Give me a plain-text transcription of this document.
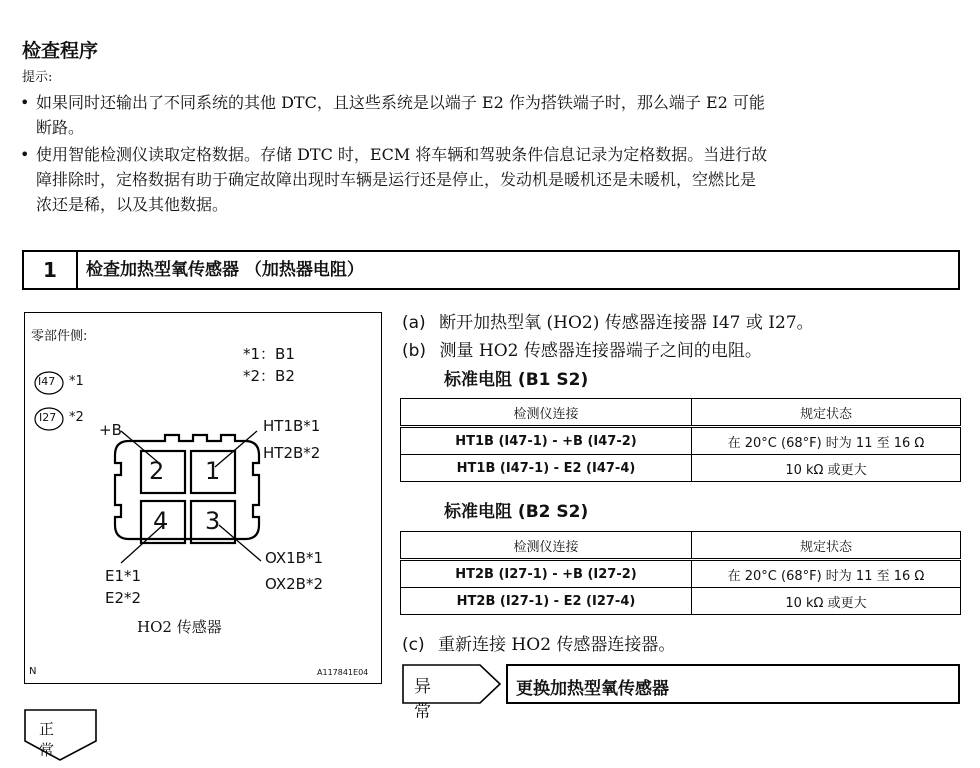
检查程序
提示:
• 如果同时还输出了不同系统的其他 DTC，且这些系统是以端子 E2 作为搭铁端子时，那么端子 E2 可能
断路。
• 使用智能检测仪读取定格数据。存储 DTC 时，ECM 将车辆和驾驶条件信息记录为定格数据。当进行故
障排除时，定格数据有助于确定故障出现时车辆是运行还是停止，发动机是暖机还是未暖机，空燃比是
浓还是稀，以及其他数据。
1	检查加热型氧传感器 （加热器电阻）
零部件侧:
*1：B1
*2：B2
I47 *1
I27 *2
+B	HT1B*1
HT2B*2
2 1
4 3
E1*1
E2*2
OX1B*1
OX2B*2
HO2 传感器
N	A117841E04
(a) 断开加热型氧 (HO2) 传感器连接器 I47 或 I27。
(b) 测量 HO2 传感器连接器端子之间的电阻。
标准电阻 (B1 S2)
检测仪连接	规定状态
HT1B (I47-1) - +B (I47-2)	在 20°C (68°F) 时为 11 至 16 Ω
HT1B (I47-1) - E2 (I47-4)	10 kΩ 或更大
标准电阻 (B2 S2)
检测仪连接	规定状态
HT2B (I27-1) - +B (I27-2)	在 20°C (68°F) 时为 11 至 16 Ω
HT2B (I27-1) - E2 (I27-4)	10 kΩ 或更大
(c) 重新连接 HO2 传感器连接器。
异常
更换加热型氧传感器
正常
